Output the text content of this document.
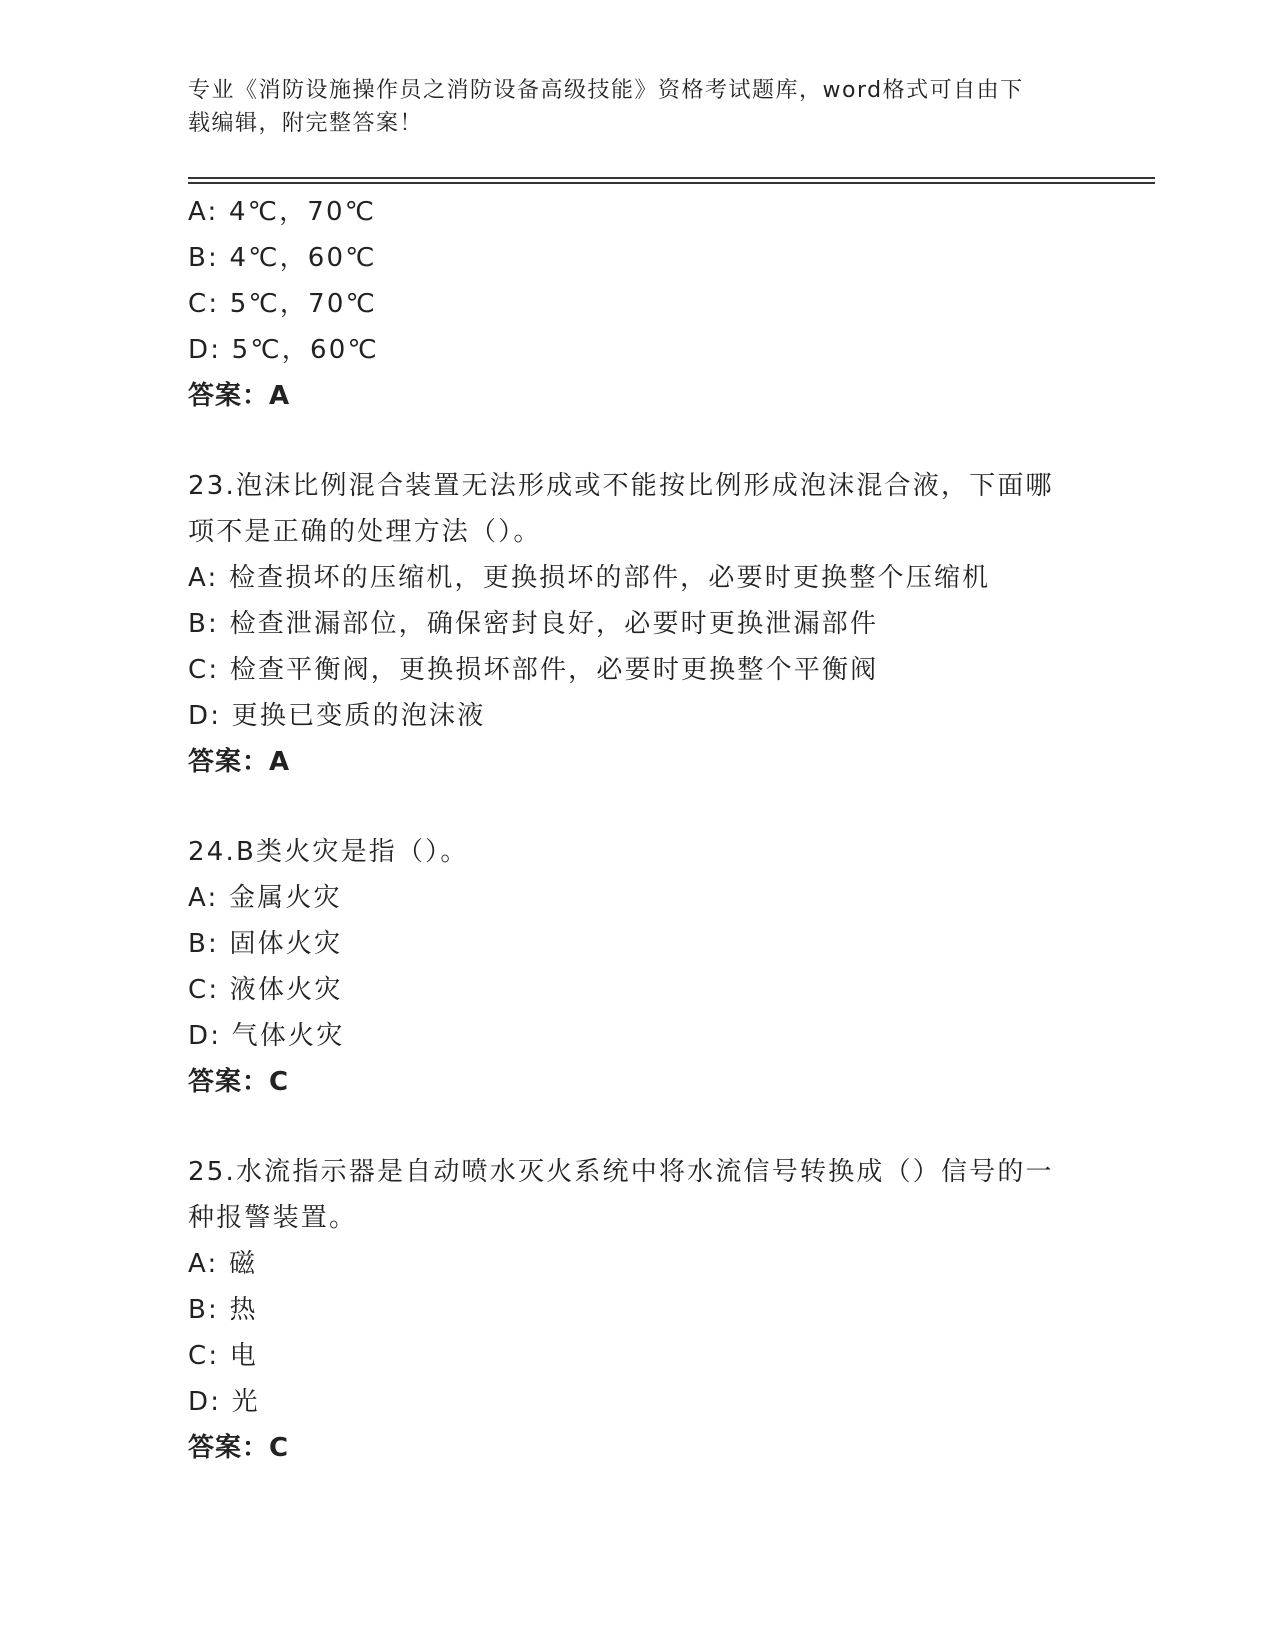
专业《消防设施操作员之消防设备高级技能》资格考试题库，word格式可自由下
载编辑，附完整答案！
A: 4℃，70℃
B: 4℃，60℃
C: 5℃，70℃
D: 5℃，60℃
答案：A
23.泡沫比例混合装置无法形成或不能按比例形成泡沫混合液，下面哪
项不是正确的处理方法（）。
A: 检查损坏的压缩机，更换损坏的部件，必要时更换整个压缩机
B: 检查泄漏部位，确保密封良好，必要时更换泄漏部件
C: 检查平衡阀，更换损坏部件，必要时更换整个平衡阀
D: 更换已变质的泡沫液
答案：A
24.B类火灾是指（）。
A: 金属火灾
B: 固体火灾
C: 液体火灾
D: 气体火灾
答案：C
25.水流指示器是自动喷水灭火系统中将水流信号转换成（）信号的一
种报警装置。
A: 磁
B: 热
C: 电
D: 光
答案：C
